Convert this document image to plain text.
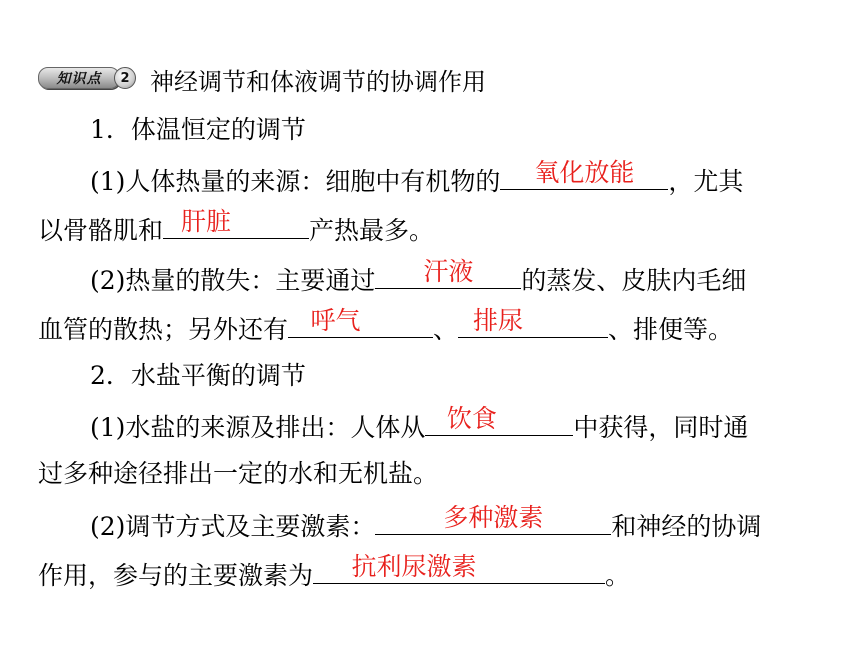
知识点	2 神经调节和体液调节的协调作用
1．体温恒定的调节
(1)人体热量的来源：细胞中有机物的	氧化放能	，尤其
以骨骼肌和 肝脏	产热最多。
(2)热量的散失：主要通过	汗液	的蒸发、皮肤内毛细
血管的散热；另外还有 呼气	、 排尿	、排便等。
2．水盐平衡的调节
(1)水盐的来源及排出：人体从 饮食	中获得，同时通
过多种途径排出一定的水和无机盐。
(2)调节方式及主要激素：	多种激素	和神经的协调
作用，参与的主要激素为	抗利尿激素	。
